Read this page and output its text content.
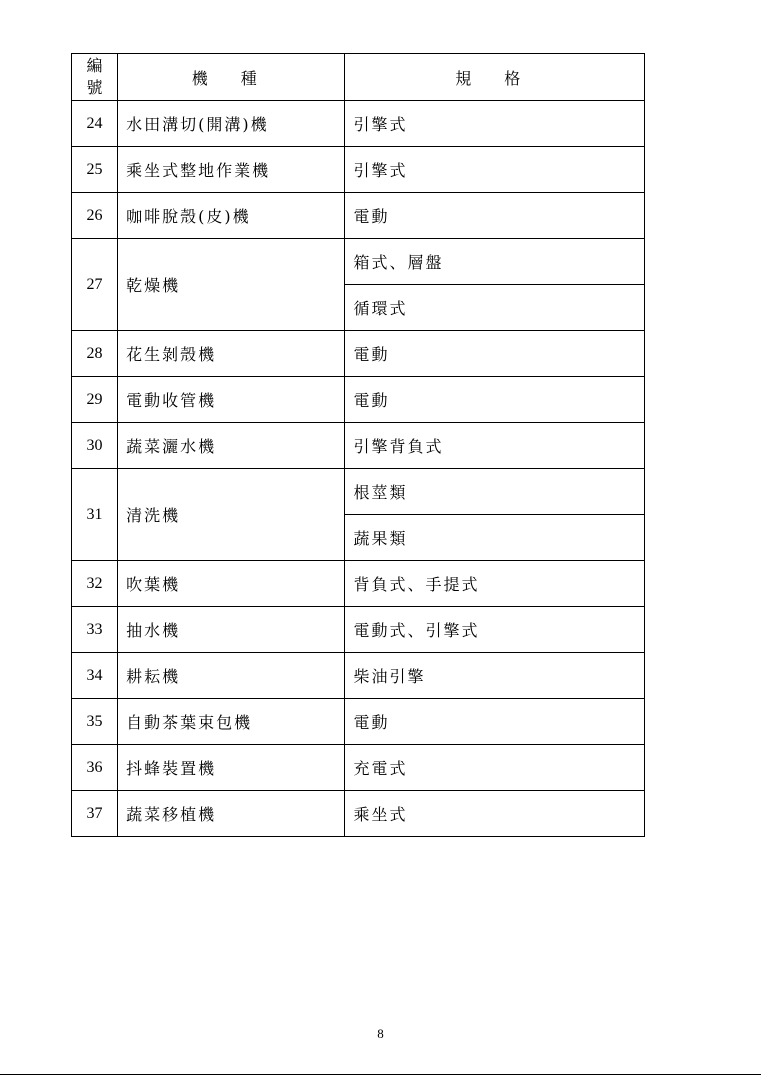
編
號	機 種	規 格
24	水田溝切(開溝)機	引擎式
25	乘坐式整地作業機	引擎式
26	咖啡脫殼(皮)機	電動
27	乾燥機	箱式、層盤
		循環式
28	花生剝殼機	電動
29	電動收管機	電動
30	蔬菜灑水機	引擎背負式
31	清洗機	根莖類
		蔬果類
32	吹葉機	背負式、手提式
33	抽水機	電動式、引擎式
34	耕耘機	柴油引擎
35	自動茶葉束包機	電動
36	抖蜂裝置機	充電式
37	蔬菜移植機	乘坐式
8
